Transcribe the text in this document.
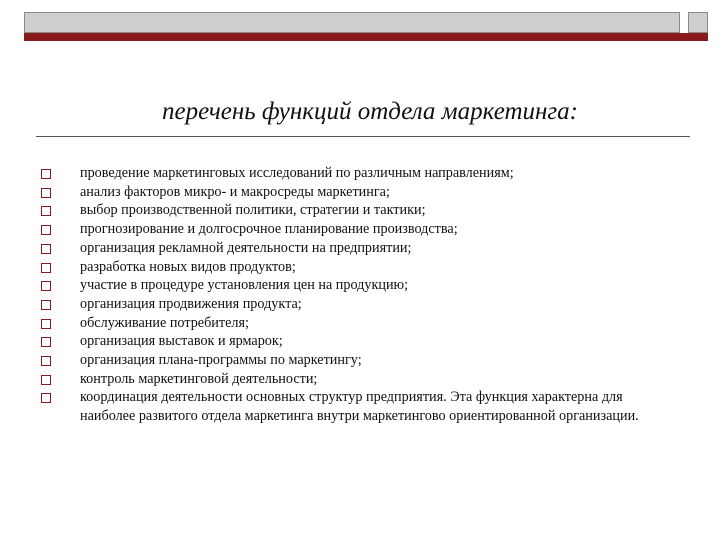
перечень функций отдела маркетинга:
проведение маркетинговых исследований по различным направлениям;
анализ факторов микро- и макросреды маркетинга;
выбор производственной политики, стратегии и тактики;
прогнозирование и долгосрочное планирование производства;
организация рекламной деятельности на предприятии;
разработка новых видов продуктов;
участие в процедуре установления цен на продукцию;
организация продвижения продукта;
обслуживание потребителя;
организация выставок и ярмарок;
организация плана-программы по маркетингу;
контроль маркетинговой деятельности;
координация деятельности основных структур предприятия. Эта функция характерна для наиболее развитого отдела маркетинга внутри маркетингово ориентированной организации.
